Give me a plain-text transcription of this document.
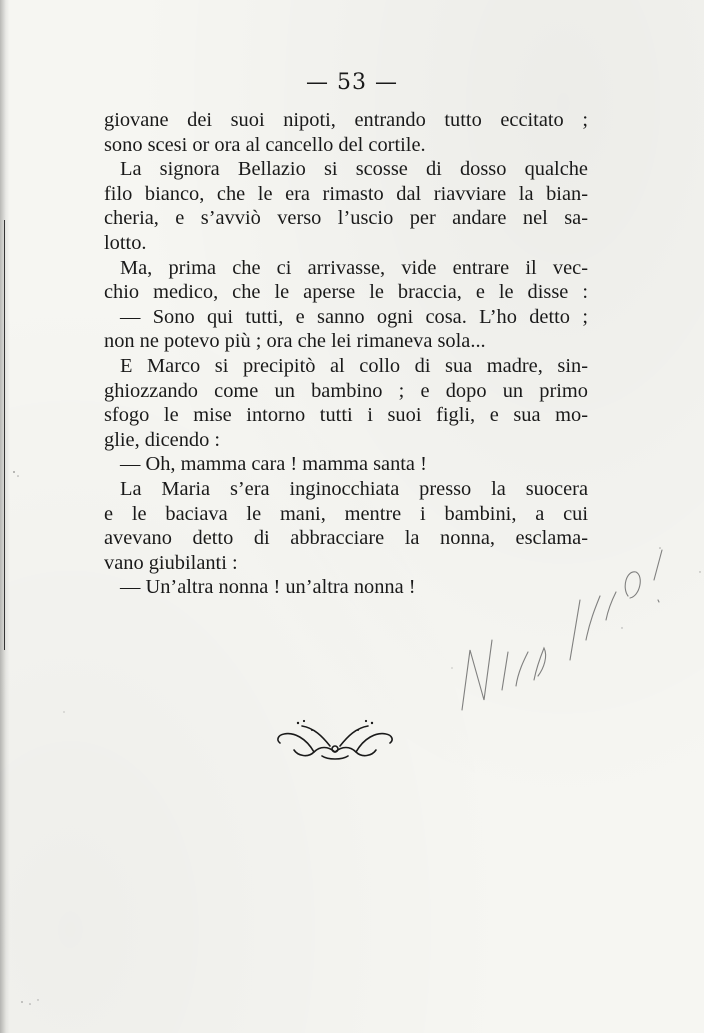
— 53 —
giovane dei suoi nipoti, entrando tutto eccitato ;
sono scesi or ora al cancello del cortile.
La signora Bellazio si scosse di dosso qualche
filo bianco, che le era rimasto dal riavviare la bian-
cheria, e s’avviò verso l’uscio per andare nel sa-
lotto.
Ma, prima che ci arrivasse, vide entrare il vec-
chio medico, che le aperse le braccia, e le disse :
— Sono qui tutti, e sanno ogni cosa. L’ho detto ;
non ne potevo più ; ora che lei rimaneva sola...
E Marco si precipitò al collo di sua madre, sin-
ghiozzando come un bambino ; e dopo un primo
sfogo le mise intorno tutti i suoi figli, e sua mo-
glie, dicendo :
— Oh, mamma cara ! mamma santa !
La Maria s’era inginocchiata presso la suocera
e le baciava le mani, mentre i bambini, a cui
avevano detto di abbracciare la nonna, esclama-
vano giubilanti :
— Un’altra nonna ! un’altra nonna !
